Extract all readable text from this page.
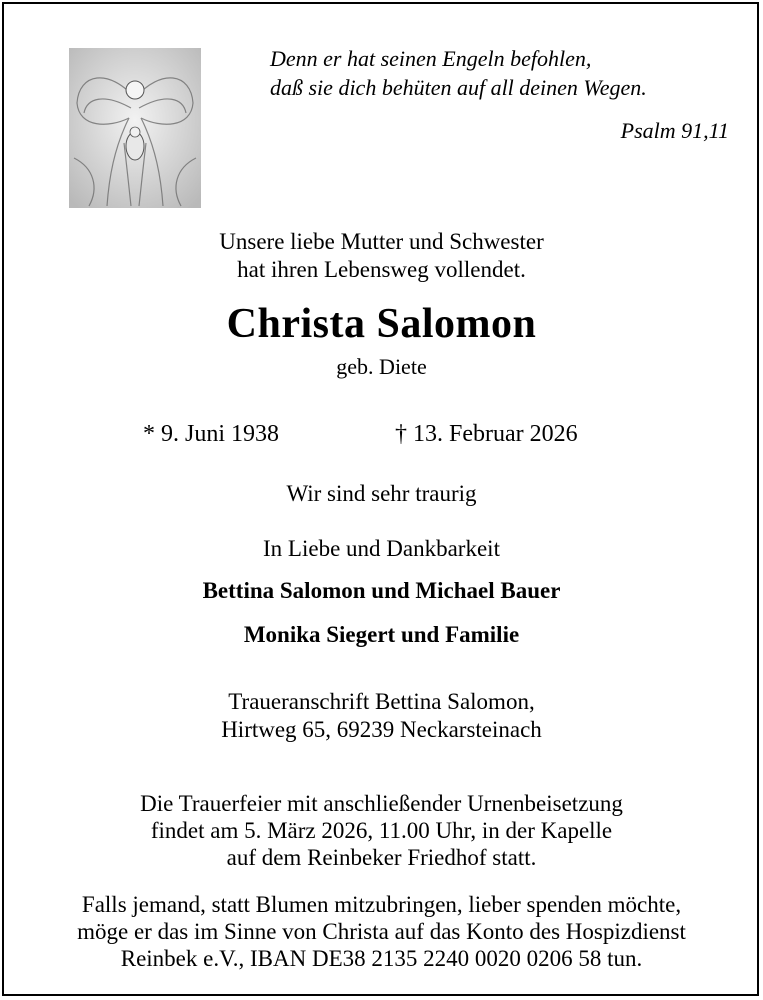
Denn er hat seinen Engeln befohlen,
daß sie dich behüten auf all deinen Wegen.
Psalm 91,11
Unsere liebe Mutter und Schwester
hat ihren Lebensweg vollendet.
Christa Salomon
geb. Diete
* 9. Juni 1938	† 13. Februar 2026
Wir sind sehr traurig
In Liebe und Dankbarkeit
Bettina Salomon und Michael Bauer
Monika Siegert und Familie
Traueranschrift Bettina Salomon,
Hirtweg 65, 69239 Neckarsteinach
Die Trauerfeier mit anschließender Urnenbeisetzung
findet am 5. März 2026, 11.00 Uhr, in der Kapelle
auf dem Reinbeker Friedhof statt.
Falls jemand, statt Blumen mitzubringen, lieber spenden möchte,
möge er das im Sinne von Christa auf das Konto des Hospizdienst
Reinbek e.V., IBAN DE38 2135 2240 0020 0206 58 tun.
